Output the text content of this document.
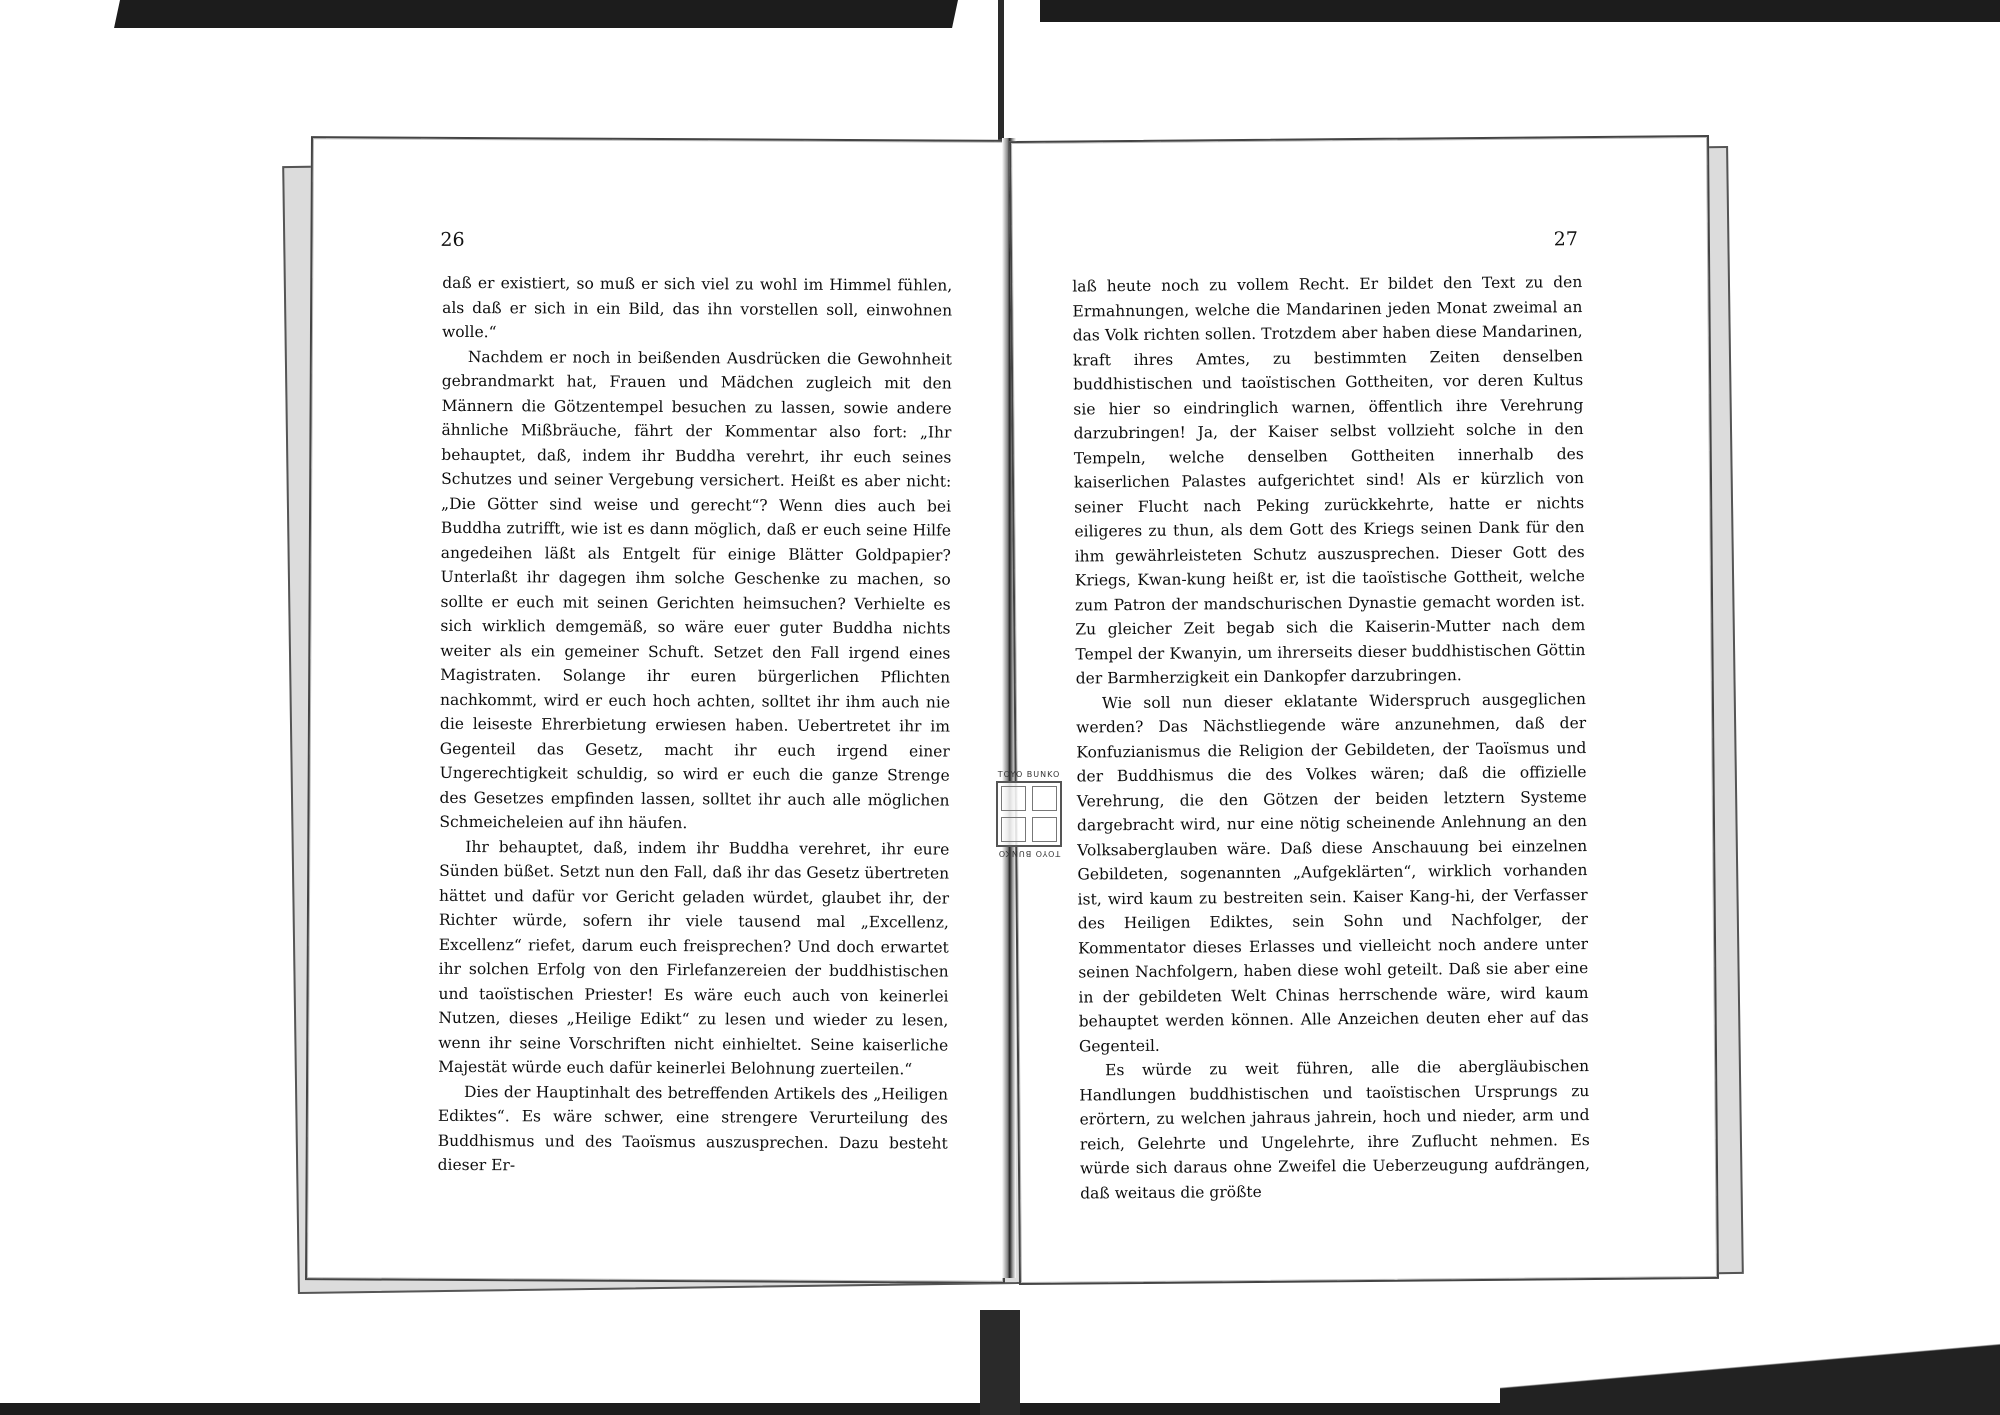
26

daß er existiert, so muß er sich viel zu wohl im Himmel fühlen, als daß er sich in ein Bild, das ihn vorstellen soll, einwohnen wolle.“

Nachdem er noch in beißenden Ausdrücken die Gewohnheit gebrandmarkt hat, Frauen und Mädchen zugleich mit den Männern die Götzentempel besuchen zu lassen, sowie andere ähnliche Mißbräuche, fährt der Kommentar also fort: „Ihr behauptet, daß, indem ihr Buddha verehrt, ihr euch seines Schutzes und seiner Vergebung versichert. Heißt es aber nicht: „Die Götter sind weise und gerecht“? Wenn dies auch bei Buddha zutrifft, wie ist es dann möglich, daß er euch seine Hilfe angedeihen läßt als Entgelt für einige Blätter Goldpapier? Unterlaßt ihr dagegen ihm solche Geschenke zu machen, so sollte er euch mit seinen Gerichten heimsuchen? Verhielte es sich wirklich demgemäß, so wäre euer guter Buddha nichts weiter als ein gemeiner Schuft. Setzet den Fall irgend eines Magistraten. Solange ihr euren bürgerlichen Pflichten nachkommt, wird er euch hoch achten, solltet ihr ihm auch nie die leiseste Ehrerbietung erwiesen haben. Uebertretet ihr im Gegenteil das Gesetz, macht ihr euch irgend einer Ungerechtigkeit schuldig, so wird er euch die ganze Strenge des Gesetzes empfinden lassen, solltet ihr auch alle möglichen Schmeicheleien auf ihn häufen.

Ihr behauptet, daß, indem ihr Buddha verehret, ihr eure Sünden büßet. Setzt nun den Fall, daß ihr das Gesetz übertreten hättet und dafür vor Gericht geladen würdet, glaubet ihr, der Richter würde, sofern ihr viele tausend mal „Excellenz, Excellenz“ riefet, darum euch freisprechen? Und doch erwartet ihr solchen Erfolg von den Firlefanzereien der buddhistischen und taoïstischen Priester! Es wäre euch auch von keinerlei Nutzen, dieses „Heilige Edikt“ zu lesen und wieder zu lesen, wenn ihr seine Vorschriften nicht einhieltet. Seine kaiserliche Majestät würde euch dafür keinerlei Belohnung zuerteilen.“

Dies der Hauptinhalt des betreffenden Artikels des „Heiligen Ediktes“. Es wäre schwer, eine strengere Verurteilung des Buddhismus und des Taoïsmus auszusprechen. Dazu besteht dieser Er-

27

laß heute noch zu vollem Recht. Er bildet den Text zu den Ermahnungen, welche die Mandarinen jeden Monat zweimal an das Volk richten sollen. Trotzdem aber haben diese Mandarinen, kraft ihres Amtes, zu bestimmten Zeiten denselben buddhistischen und taoïstischen Gottheiten, vor deren Kultus sie hier so eindringlich warnen, öffentlich ihre Verehrung darzubringen! Ja, der Kaiser selbst vollzieht solche in den Tempeln, welche denselben Gottheiten innerhalb des kaiserlichen Palastes aufgerichtet sind! Als er kürzlich von seiner Flucht nach Peking zurückkehrte, hatte er nichts eiligeres zu thun, als dem Gott des Kriegs seinen Dank für den ihm gewährleisteten Schutz auszusprechen. Dieser Gott des Kriegs, Kwan-kung heißt er, ist die taoïstische Gottheit, welche zum Patron der mandschurischen Dynastie gemacht worden ist. Zu gleicher Zeit begab sich die Kaiserin-Mutter nach dem Tempel der Kwanyin, um ihrerseits dieser buddhistischen Göttin der Barmherzigkeit ein Dankopfer darzubringen.

Wie soll nun dieser eklatante Widerspruch ausgeglichen werden? Das Nächstliegende wäre anzunehmen, daß der Konfuzianismus die Religion der Gebildeten, der Taoïsmus und der Buddhismus die des Volkes wären; daß die offizielle Verehrung, die den Götzen der beiden letztern Systeme dargebracht wird, nur eine nötig scheinende Anlehnung an den Volksaberglauben wäre. Daß diese Anschauung bei einzelnen Gebildeten, sogenannten „Aufgeklärten“, wirklich vorhanden ist, wird kaum zu bestreiten sein. Kaiser Kang-hi, der Verfasser des Heiligen Ediktes, sein Sohn und Nachfolger, der Kommentator dieses Erlasses und vielleicht noch andere unter seinen Nachfolgern, haben diese wohl geteilt. Daß sie aber eine in der gebildeten Welt Chinas herrschende wäre, wird kaum behauptet werden können. Alle Anzeichen deuten eher auf das Gegenteil.

Es würde zu weit führen, alle die abergläubischen Handlungen buddhistischen und taoïstischen Ursprungs zu erörtern, zu welchen jahraus jahrein, hoch und nieder, arm und reich, Gelehrte und Ungelehrte, ihre Zuflucht nehmen. Es würde sich daraus ohne Zweifel die Ueberzeugung aufdrängen, daß weitaus die größte

TOYO BUNKO
TOYO BUNKO
